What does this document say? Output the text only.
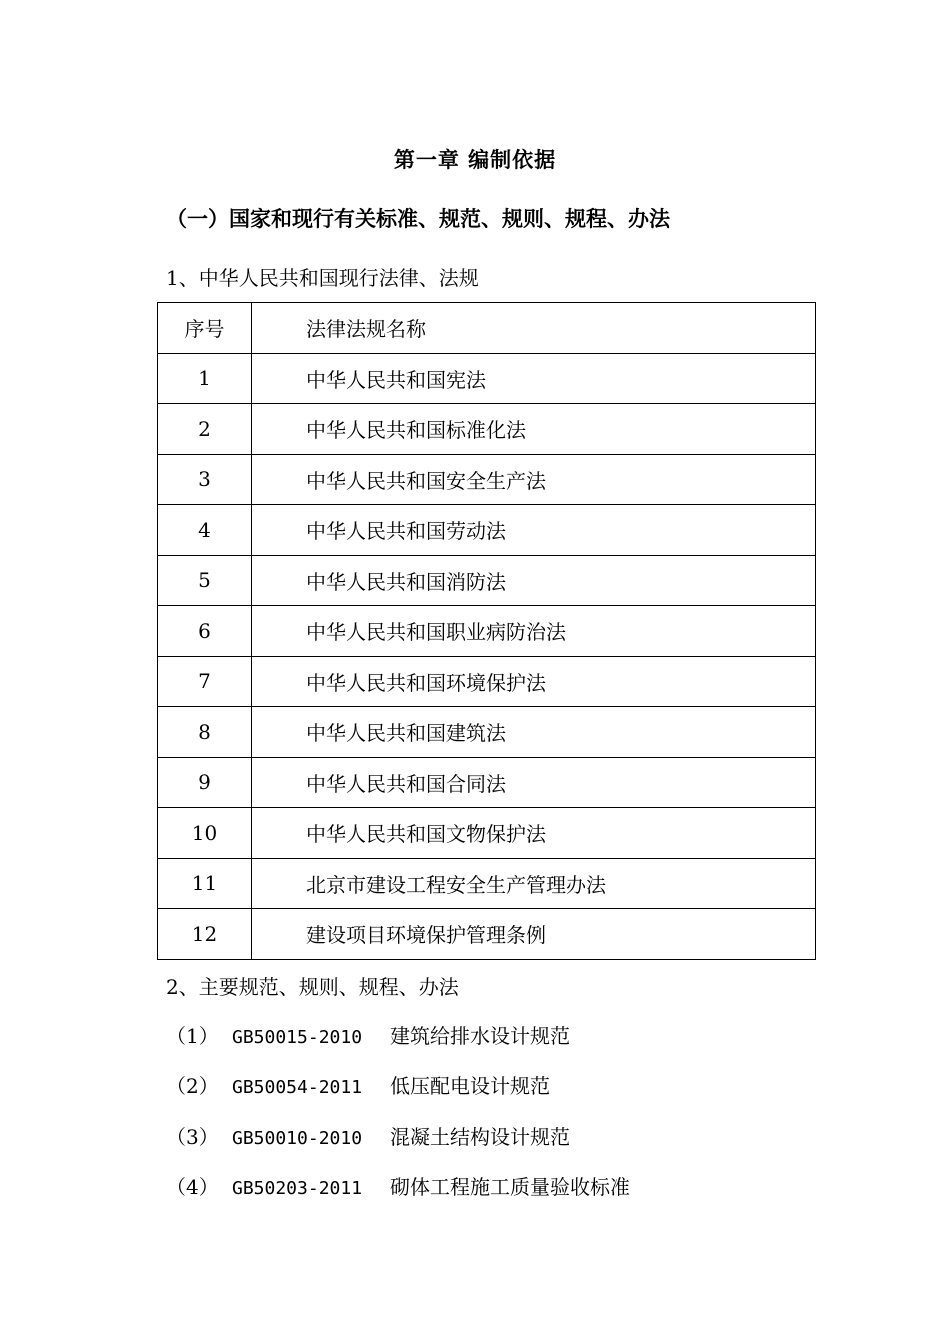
第一章 编制依据
（一）国家和现行有关标准、规范、规则、规程、办法
1、中华人民共和国现行法律、法规
序号	法律法规名称
1	中华人民共和国宪法
2	中华人民共和国标准化法
3	中华人民共和国安全生产法
4	中华人民共和国劳动法
5	中华人民共和国消防法
6	中华人民共和国职业病防治法
7	中华人民共和国环境保护法
8	中华人民共和国建筑法
9	中华人民共和国合同法
10	中华人民共和国文物保护法
11	北京市建设工程安全生产管理办法
12	建设项目环境保护管理条例
2、主要规范、规则、规程、办法
（1） GB50015-2010 建筑给排水设计规范
（2） GB50054-2011 低压配电设计规范
（3） GB50010-2010 混凝土结构设计规范
（4） GB50203-2011 砌体工程施工质量验收标准
